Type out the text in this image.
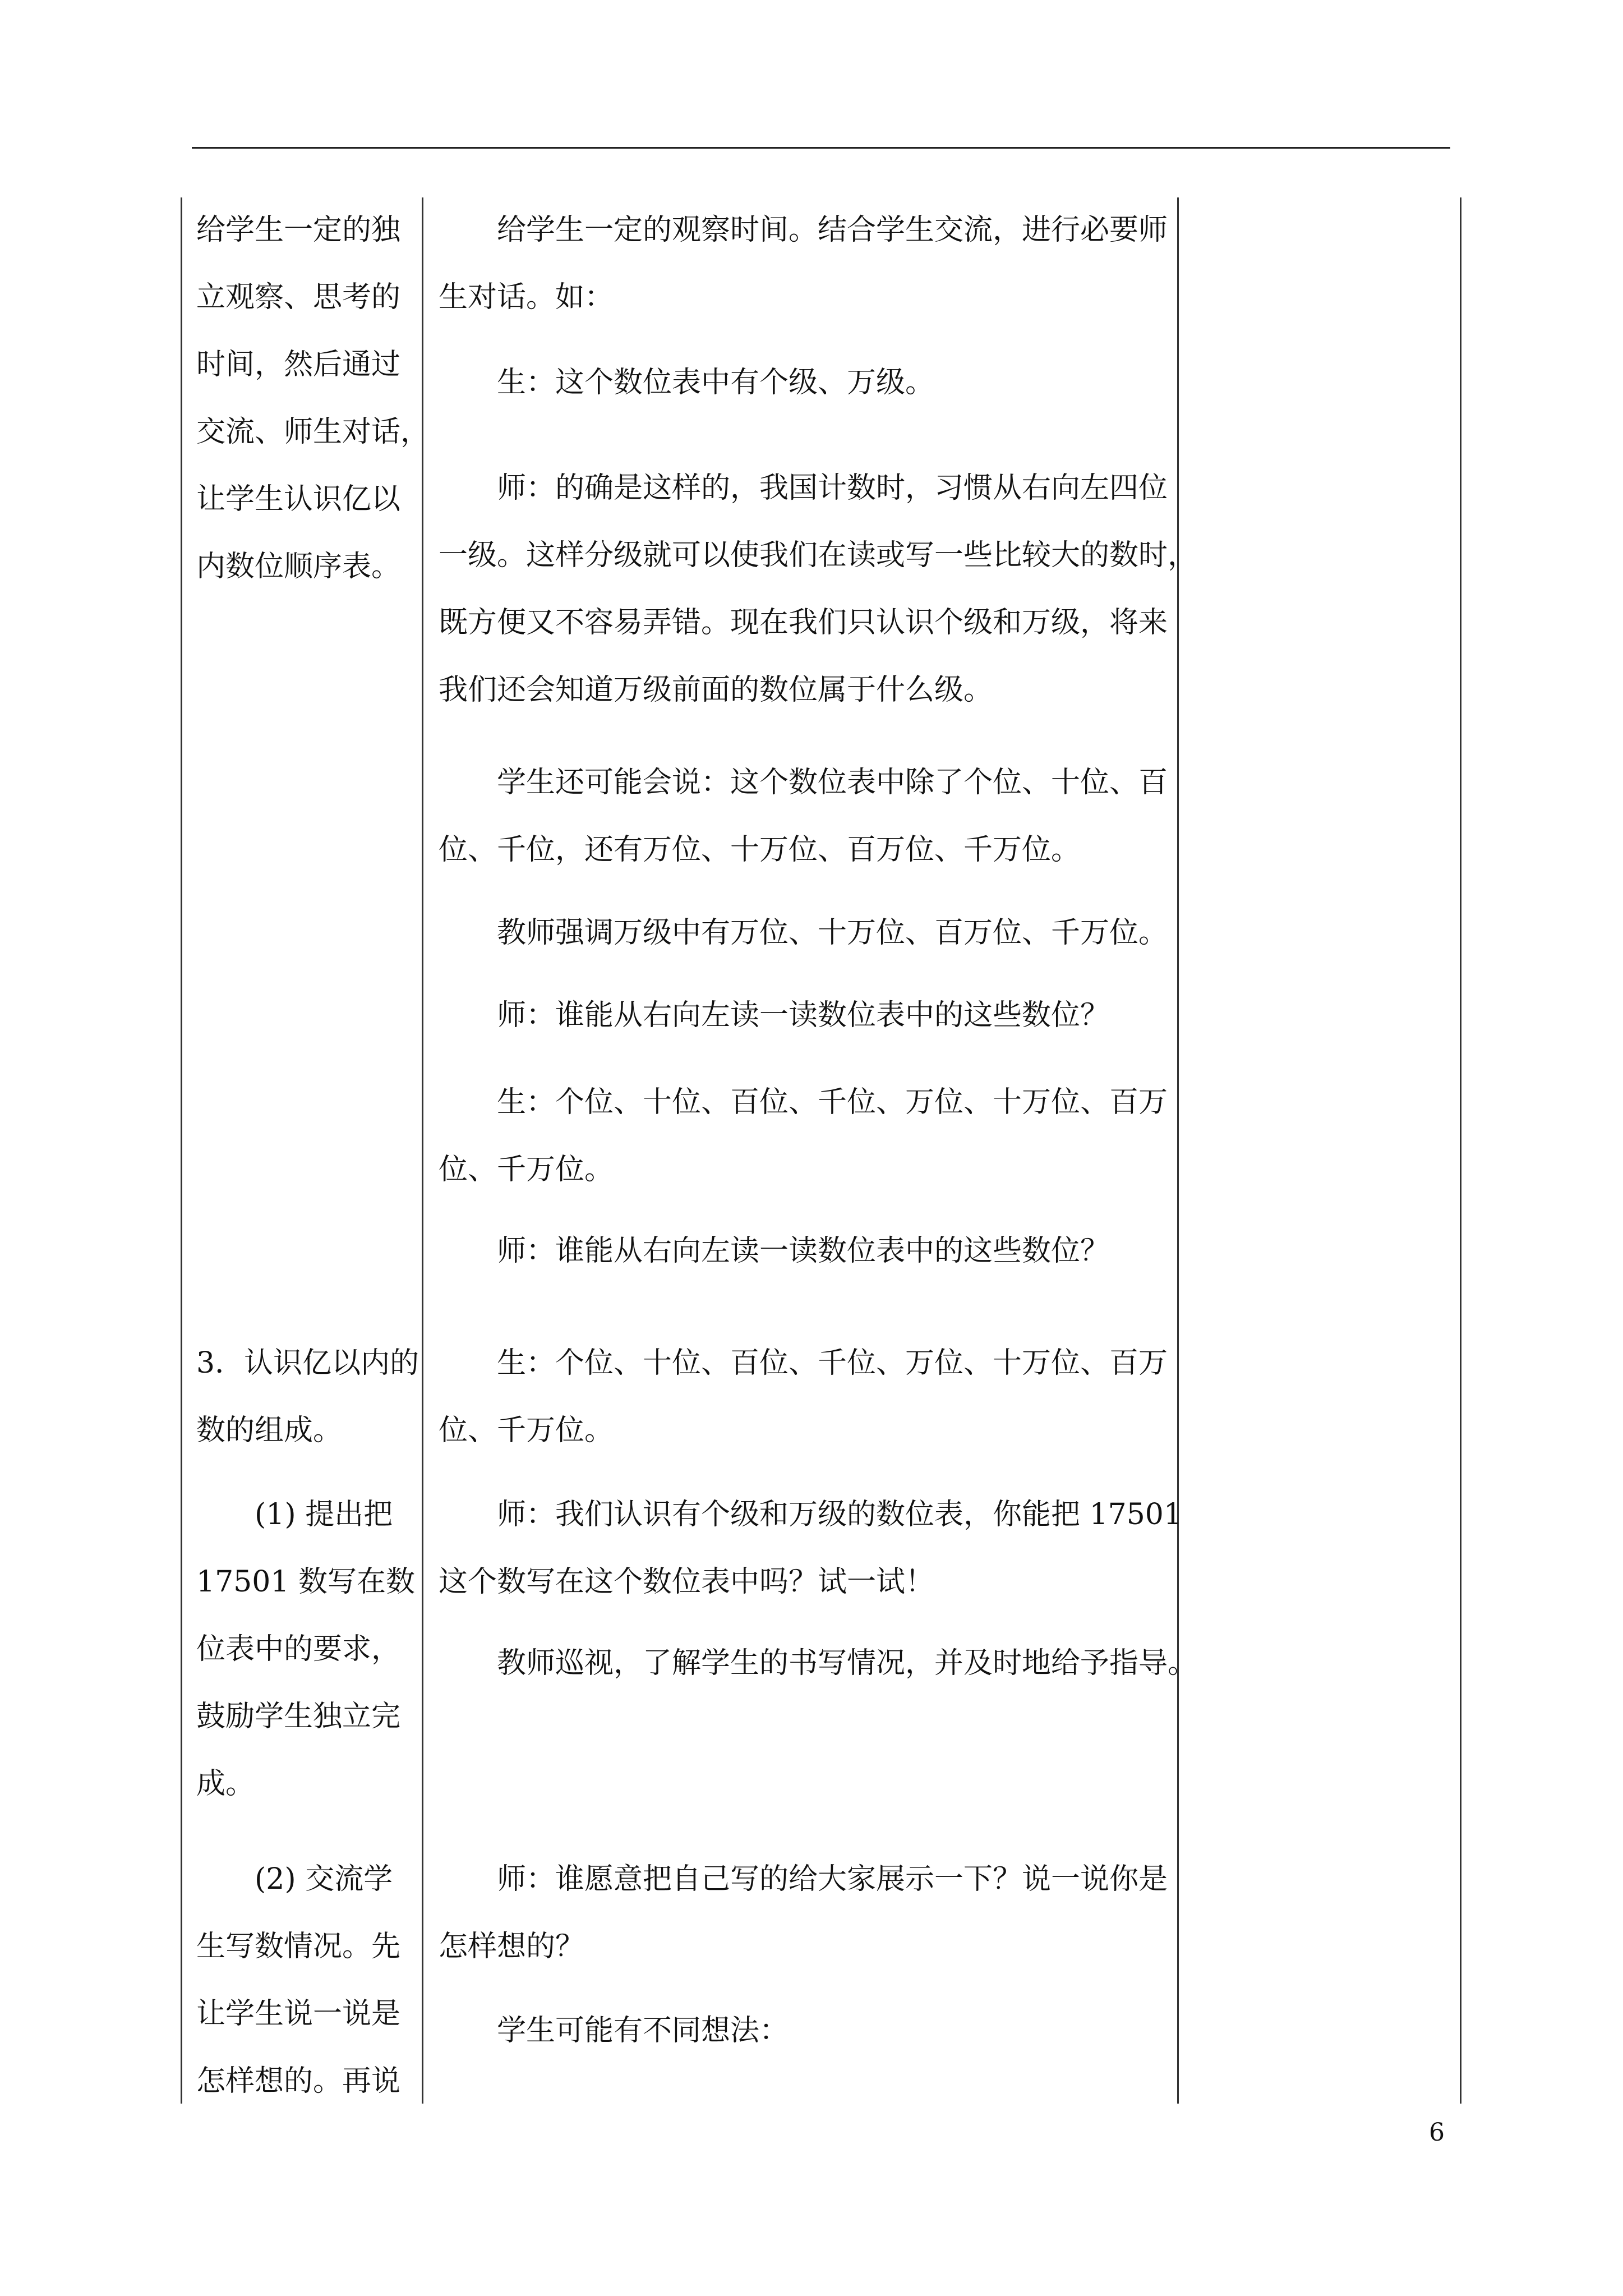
给学生一定的独
立观察、思考的
时间，然后通过
交流、师生对话，
让学生认识亿以
内数位顺序表。
3．认识亿以内的
数的组成。
(1) 提出把
17501 数写在数
位表中的要求，
鼓励学生独立完
成。
(2) 交流学
生写数情况。先
让学生说一说是
怎样想的。再说
给学生一定的观察时间。结合学生交流，进行必要师
生对话。如：
生：这个数位表中有个级、万级。
师：的确是这样的，我国计数时，习惯从右向左四位
一级。这样分级就可以使我们在读或写一些比较大的数时，
既方便又不容易弄错。现在我们只认识个级和万级，将来
我们还会知道万级前面的数位属于什么级。
学生还可能会说：这个数位表中除了个位、十位、百
位、千位，还有万位、十万位、百万位、千万位。
教师强调万级中有万位、十万位、百万位、千万位。
师：谁能从右向左读一读数位表中的这些数位？
生：个位、十位、百位、千位、万位、十万位、百万
位、千万位。
师：谁能从右向左读一读数位表中的这些数位？
生：个位、十位、百位、千位、万位、十万位、百万
位、千万位。
师：我们认识有个级和万级的数位表，你能把 17501
这个数写在这个数位表中吗？试一试！
教师巡视，了解学生的书写情况，并及时地给予指导。
师：谁愿意把自己写的给大家展示一下？说一说你是
怎样想的？
学生可能有不同想法：
6
